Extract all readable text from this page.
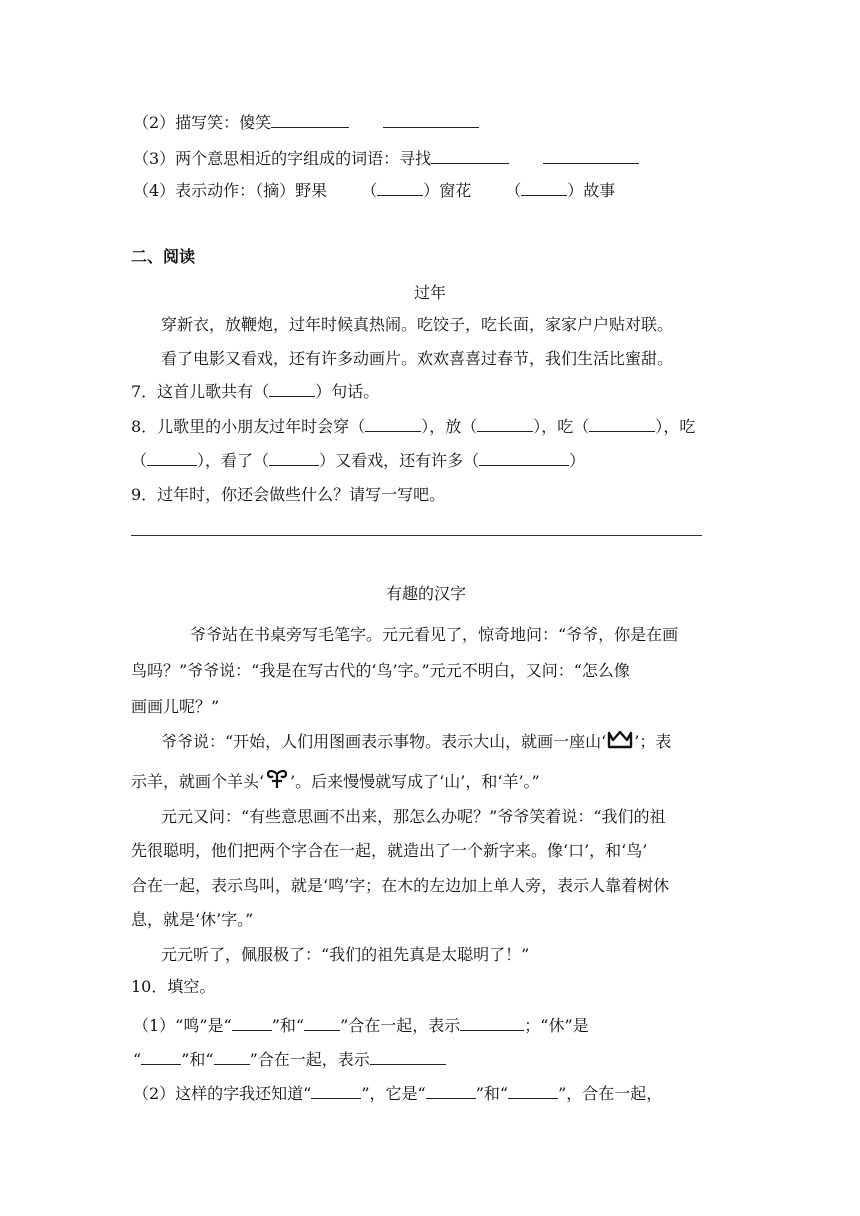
（2）描写笑：傻笑
（3）两个意思相近的字组成的词语：寻找
（4）表示动作：（摘）野果 （	）窗花 （	）故事
二、阅读
过年
穿新衣，放鞭炮，过年时候真热闹。吃饺子，吃长面，家家户户贴对联。
看了电影又看戏，还有许多动画片。欢欢喜喜过春节，我们生活比蜜甜。
7．这首儿歌共有（	）句话。
8．儿歌里的小朋友过年时会穿（	），放（	），吃（	），吃
（	），看了（	）又看戏，还有许多（	）
9．过年时，你还会做些什么？请写一写吧。
有趣的汉字
爷爷站在书桌旁写毛笔字。元元看见了，惊奇地问：“爷爷，你是在画
鸟吗？”爷爷说：“我是在写古代的‘鸟’字。”元元不明白，又问：“怎么像
画画儿呢？”
爷爷说：“开始，人们用图画表示事物。表示大山，就画一座山‘ ’；表
示羊，就画个羊头‘ ’。后来慢慢就写成了‘山’，和‘羊’。”
元元又问：“有些意思画不出来，那怎么办呢？”爷爷笑着说：“我们的祖
先很聪明，他们把两个字合在一起，就造出了一个新字来。像‘口’，和‘鸟’
合在一起，表示鸟叫，就是‘鸣’字；在木的左边加上单人旁，表示人靠着树休
息，就是‘休’字。”
元元听了，佩服极了：“我们的祖先真是太聪明了！”
10．填空。
（1）“鸣”是“	”和“ ”合在一起，表示	；“休”是
“	”和“ ”合在一起，表示
（2）这样的字我还知道“	”，它是“	”和“	”，合在一起，
